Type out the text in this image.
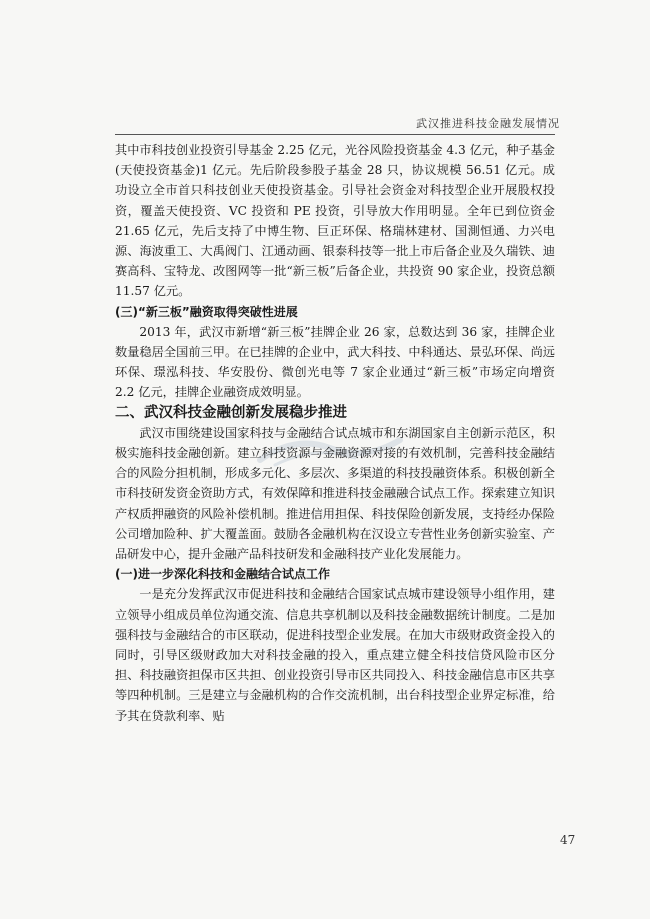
武汉推进科技金融发展情况

其中市科技创业投资引导基金 2.25 亿元，光谷风险投资基金 4.3 亿元，种子基金(天使投资基金)1 亿元。先后阶段参股子基金 28 只，协议规模 56.51 亿元。成功设立全市首只科技创业天使投资基金。引导社会资金对科技型企业开展股权投资，覆盖天使投资、VC 投资和 PE 投资，引导放大作用明显。全年已到位资金 21.65 亿元，先后支持了中博生物、巨正环保、格瑞林建材、国測恒通、力兴电源、海波重工、大禹阀门、江通动画、银泰科技等一批上市后备企业及久瑞铁、迪赛高科、宝特龙、改图网等一批“新三板”后备企业，共投资 90 家企业，投资总额 11.57 亿元。

(三)“新三板”融资取得突破性进展

2013 年，武汉市新增“新三板”挂牌企业 26 家，总数达到 36 家，挂牌企业数量稳居全国前三甲。在已挂牌的企业中，武大科技、中科通达、景弘环保、尚远环保、璟泓科技、华安股份、微创光电等 7 家企业通过“新三板”市场定向增资 2.2 亿元，挂牌企业融资成效明显。

二、武汉科技金融创新发展稳步推进

武汉市围绕建设国家科技与金融结合试点城市和东湖国家自主创新示范区，积极实施科技金融创新。建立科技资源与金融资源对接的有效机制，完善科技金融结合的风险分担机制，形成多元化、多层次、多渠道的科技投融资体系。积极创新全市科技研发资金资助方式，有效保障和推进科技金融融合试点工作。探索建立知识产权质押融资的风险补偿机制。推进信用担保、科技保险创新发展，支持经办保险公司增加险种、扩大覆盖面。鼓励各金融机构在汉设立专营性业务创新实验室、产品研发中心，提升金融产品科技研发和金融科技产业化发展能力。

(一)进一步深化科技和金融结合试点工作

一是充分发挥武汉市促进科技和金融结合国家试点城市建设领导小组作用，建立领导小组成员单位沟通交流、信息共享机制以及科技金融数据统计制度。二是加强科技与金融结合的市区联动，促进科技型企业发展。在加大市级财政资金投入的同时，引导区级财政加大对科技金融的投入，重点建立健全科技信贷风险市区分担、科技融资担保市区共担、创业投资引导市区共同投入、科技金融信息市区共享等四种机制。三是建立与金融机构的合作交流机制，出台科技型企业界定标准，给予其在贷款利率、贴

47
